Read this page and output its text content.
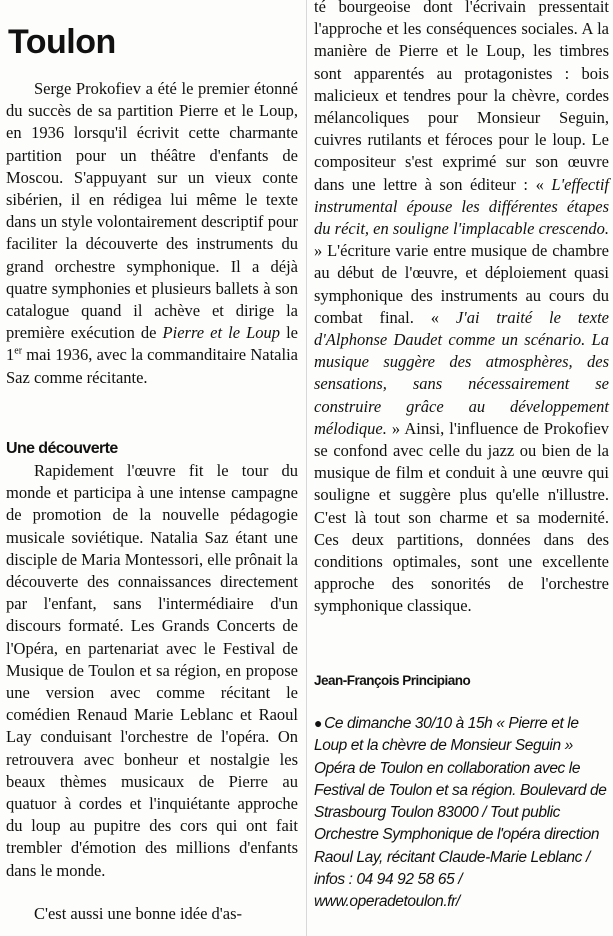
Toulon

Serge Prokofiev a été le premier étonné du succès de sa partition Pierre et le Loup, en 1936 lorsqu'il écrivit cette charmante partition pour un théâtre d'enfants de Moscou. S'appuyant sur un vieux conte sibérien, il en rédigea lui même le texte dans un style volontairement descriptif pour faciliter la découverte des instruments du grand orchestre symphonique. Il a déjà quatre symphonies et plusieurs ballets à son catalogue quand il achève et dirige la première exécution de Pierre et le Loup le 1er mai 1936, avec la commanditaire Natalia Saz comme récitante.

Une découverte

Rapidement l'œuvre fit le tour du monde et participa à une intense campagne de promotion de la nouvelle pédagogie musicale soviétique. Natalia Saz étant une disciple de Maria Montessori, elle prônait la découverte des connaissances directement par l'enfant, sans l'intermédiaire d'un discours formaté. Les Grands Concerts de l'Opéra, en partenariat avec le Festival de Musique de Toulon et sa région, en propose une version avec comme récitant le comédien Renaud Marie Leblanc et Raoul Lay conduisant l'orchestre de l'opéra. On retrouvera avec bonheur et nostalgie les beaux thèmes musicaux de Pierre au quatuor à cordes et l'inquiétante approche du loup au pupitre des cors qui ont fait trembler d'émotion des millions d'enfants dans le monde.

C'est aussi une bonne idée d'as-

té bourgeoise dont l'écrivain pressentait l'approche et les conséquences sociales. A la manière de Pierre et le Loup, les timbres sont apparentés au protagonistes : bois malicieux et tendres pour la chèvre, cordes mélancoliques pour Monsieur Seguin, cuivres rutilants et féroces pour le loup. Le compositeur s'est exprimé sur son œuvre dans une lettre à son éditeur : « L'effectif instrumental épouse les différentes étapes du récit, en souligne l'implacable crescendo. » L'écriture varie entre musique de chambre au début de l'œuvre, et déploiement quasi symphonique des instruments au cours du combat final. « J'ai traité le texte d'Alphonse Daudet comme un scénario. La musique suggère des atmosphères, des sensations, sans nécessairement se construire grâce au développement mélodique. » Ainsi, l'influence de Prokofiev se confond avec celle du jazz ou bien de la musique de film et conduit à une œuvre qui souligne et suggère plus qu'elle n'illustre. C'est là tout son charme et sa modernité. Ces deux partitions, données dans des conditions optimales, sont une excellente approche des sonorités de l'orchestre symphonique classique.

Jean-François Principiano

● Ce dimanche 30/10 à 15h « Pierre et le Loup et la chèvre de Monsieur Seguin » Opéra de Toulon en collaboration avec le Festival de Toulon et sa région. Boulevard de Strasbourg Toulon 83000 / Tout public Orchestre Symphonique de l'opéra direction Raoul Lay, récitant Claude-Marie Leblanc / infos : 04 94 92 58 65 / www.operadetoulon.fr/
